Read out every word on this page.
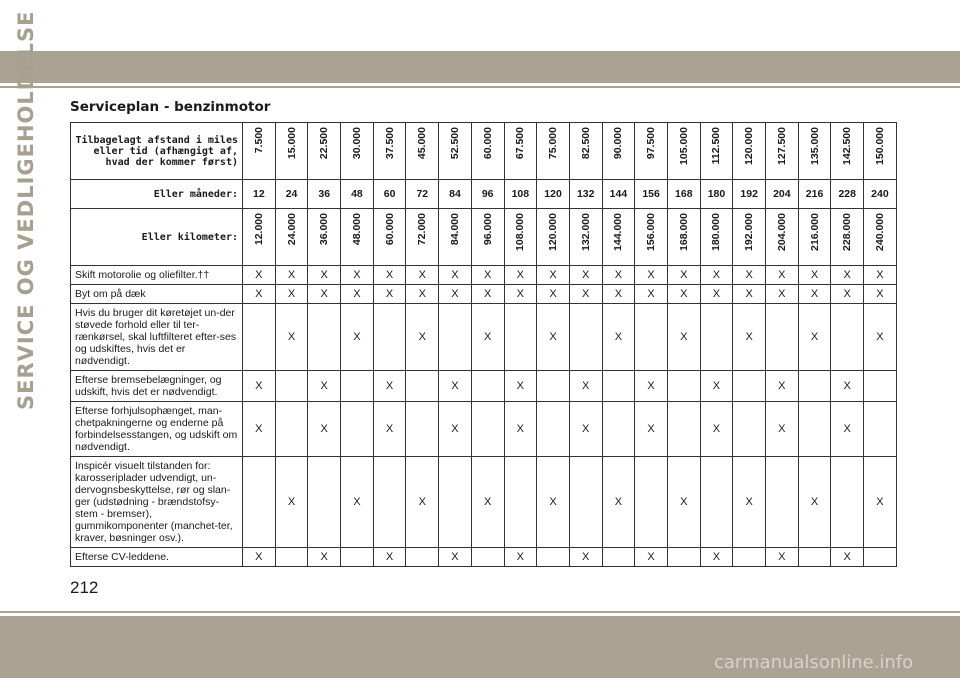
SERVICE OG VEDLIGEHOLDELSE Serviceplan - benzinmotor
Tilbagelagt afstand i miles eller tid (afhængigt af, hvad der kommer først)	7.500	15.000	22.500	30.000	37.500	45.000	52.500	60.000	67.500	75.000	82.500	90.000	97.500	105.000	112.500	120.000	127.500	135.000	142.500	150.000
Eller måneder:	12	24	36	48	60	72	84	96	108	120	132	144	156	168	180	192	204	216	228	240
Eller kilometer:	12.000	24.000	36.000	48.000	60.000	72.000	84.000	96.000	108.000	120.000	132.000	144.000	156.000	168.000	180.000	192.000	204.000	216.000	228.000	240.000
Skift motorolie og oliefilter.††	X	X	X	X	X	X	X	X	X	X	X	X	X	X	X	X	X	X	X	X
Byt om på dæk	X	X	X	X	X	X	X	X	X	X	X	X	X	X	X	X	X	X	X	X
Hvis du bruger dit køretøjet un-der støvede forhold eller til ter-rænkørsel, skal luftfilteret efter-ses og udskiftes, hvis det er nødvendigt.		X		X		X		X		X		X		X		X		X		X
Efterse bremsebelægninger, og udskift, hvis det er nødvendigt.	X		X		X		X		X		X		X		X		X		X	
Efterse forhjulsophænget, man-chetpakningerne og enderne på forbindelsesstangen, og udskift om nødvendigt.	X		X		X		X		X		X		X		X		X		X	
Inspicér visuelt tilstanden for: karosseriplader udvendigt, un-dervognsbeskyttelse, rør og slan-ger (udstødning - brændstofsy-stem - bremser), gummikomponenter (manchet-ter, kraver, bøsninger osv.).		X		X		X		X		X		X		X		X		X		X
Efterse CV-leddene.	X		X		X		X		X		X		X		X		X		X	
212
carmanualsonline.info
